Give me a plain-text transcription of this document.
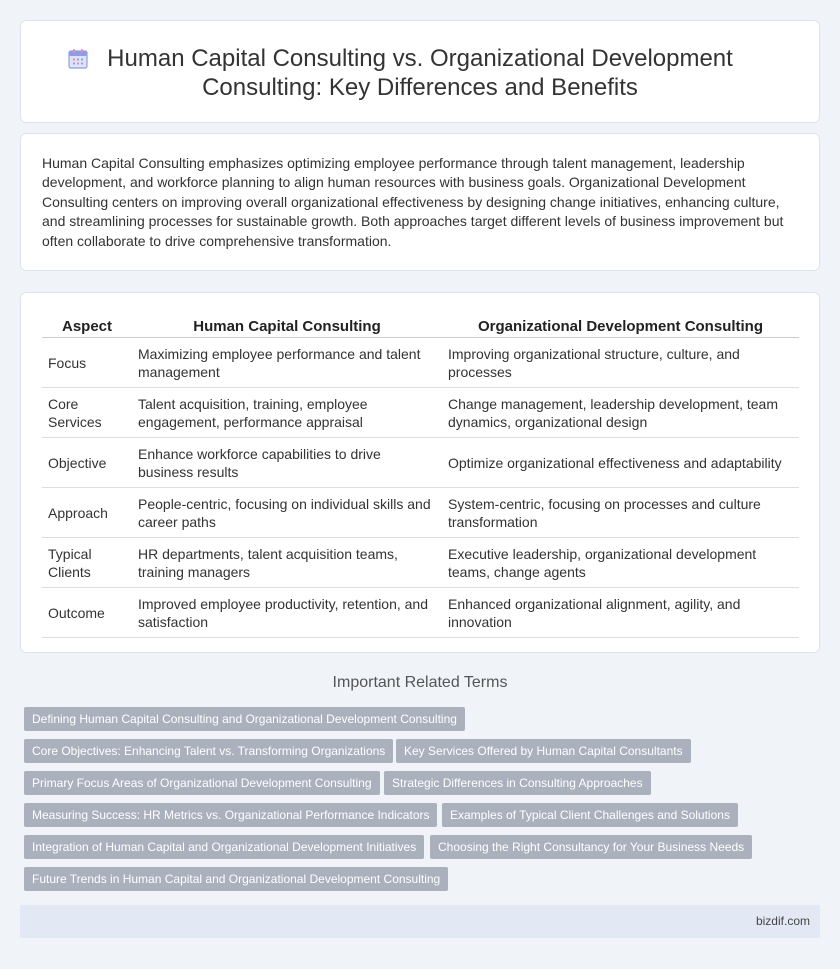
Human Capital Consulting vs. Organizational Development
Consulting: Key Differences and Benefits

Human Capital Consulting emphasizes optimizing employee performance through talent management, leadership development, and workforce planning to align human resources with business goals. Organizational Development Consulting centers on improving overall organizational effectiveness by designing change initiatives, enhancing culture, and streamlining processes for sustainable growth. Both approaches target different levels of business improvement but often collaborate to drive comprehensive transformation.

Aspect	Human Capital Consulting	Organizational Development Consulting
Focus	Maximizing employee performance and talent management	Improving organizational structure, culture, and processes
Core Services	Talent acquisition, training, employee engagement, performance appraisal	Change management, leadership development, team dynamics, organizational design
Objective	Enhance workforce capabilities to drive business results	Optimize organizational effectiveness and adaptability
Approach	People-centric, focusing on individual skills and career paths	System-centric, focusing on processes and culture transformation
Typical Clients	HR departments, talent acquisition teams, training managers	Executive leadership, organizational development teams, change agents
Outcome	Improved employee productivity, retention, and satisfaction	Enhanced organizational alignment, agility, and innovation
Important Related Terms
Defining Human Capital Consulting and Organizational Development Consulting
Core Objectives: Enhancing Talent vs. Transforming Organizations	Key Services Offered by Human Capital Consultants
Primary Focus Areas of Organizational Development Consulting	Strategic Differences in Consulting Approaches
Measuring Success: HR Metrics vs. Organizational Performance Indicators	Examples of Typical Client Challenges and Solutions
Integration of Human Capital and Organizational Development Initiatives	Choosing the Right Consultancy for Your Business Needs
Future Trends in Human Capital and Organizational Development Consulting
bizdif.com
